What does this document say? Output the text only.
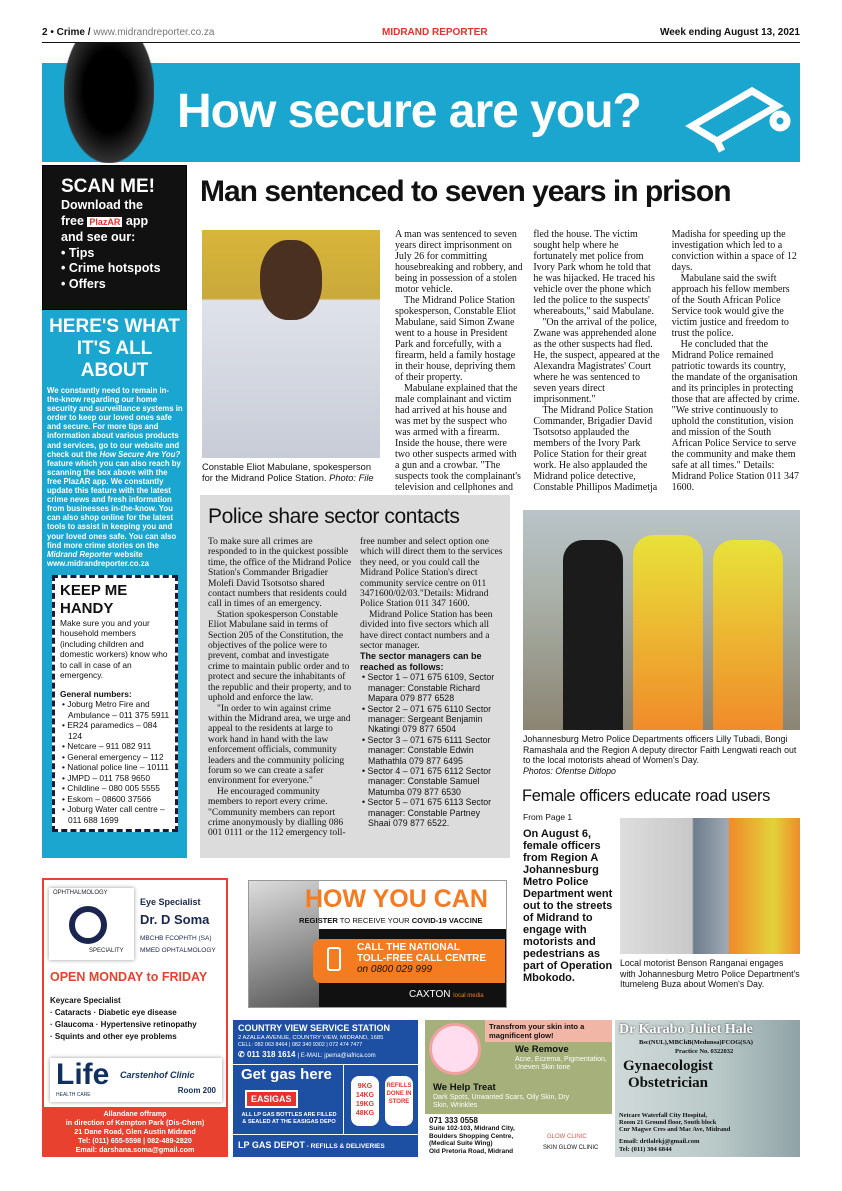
2 • Crime / www.midrandreporter.co.za	MIDRAND REPORTER	Week ending August 13, 2021
How secure are you?
SCAN ME!
Download the
free PlazAR app
and see our:
• Tips
• Crime hotspots
• Offers
HERE'S WHAT
IT'S ALL ABOUT
We constantly need to remain in-the-know regarding our home security and surveillance systems in order to keep our loved ones safe and secure. For more tips and information about various products and services, go to our website and check out the How Secure Are You? feature which you can also reach by scanning the box above with the free PlazAR app. We constantly update this feature with the latest crime news and fresh information from businesses in-the-know. You can also shop online for the latest tools to assist in keeping you and your loved ones safe. You can also find more crime stories on the Midrand Reporter website www.midrandreporter.co.za
KEEP ME HANDY
Make sure you and your household members (including children and domestic workers) know who to call in case of an emergency.
General numbers:
• Joburg Metro Fire and Ambulance – 011 375 5911
• ER24 paramedics – 084 124
• Netcare – 911 082 911
• General emergency – 112
• National police line – 10111
• JMPD – 011 758 9650
• Childline – 080 005 5555
• Eskom – 08600 37566
• Joburg Water call centre – 011 688 1699
Man sentenced to seven years in prison
Constable Eliot Mabulane, spokesperson for the Midrand Police Station. Photo: File

A man was sentenced to seven years direct imprisonment on July 26 for committing housebreaking and robbery, and being in possession of a stolen motor vehicle.

The Midrand Police Station spokesperson, Constable Eliot Mabulane, said Simon Zwane went to a house in President Park and forcefully, with a firearm, held a family hostage in their house, depriving them of their property.

Mabulane explained that the male complainant and victim had arrived at his house and was met by the suspect who was armed with a firearm. Inside the house, there were two other suspects armed with a gun and a crowbar. "The suspects took the complainant's television and cellphones and fled the house. The victim sought help where he fortunately met police from Ivory Park whom he told that he was hijacked. He traced his vehicle over the phone which led the police to the suspects' whereabouts," said Mabulane.

"On the arrival of the police, Zwane was apprehended alone as the other suspects had fled. He, the suspect, appeared at the Alexandra Magistrates' Court where he was sentenced to seven years direct imprisonment."

The Midrand Police Station Commander, Brigadier David Tsotsotso applauded the members of the Ivory Park Police Station for their great work. He also applauded the Midrand police detective, Constable Phillipos Madimetja Madisha for speeding up the investigation which led to a conviction within a space of 12 days.

Mabulane said the swift approach his fellow members of the South African Police Service took would give the victim justice and freedom to trust the police.

He concluded that the Midrand Police remained patriotic towards its country, the mandate of the organisation and its principles in protecting those that are affected by crime. "We strive continuously to uphold the constitution, vision and mission of the South African Police Service to serve the community and make them safe at all times." Details: Midrand Police Station 011 347 1600.

Police share sector contacts

To make sure all crimes are responded to in the quickest possible time, the office of the Midrand Police Station's Commander Brigadier Molefi David Tsotsotso shared contact numbers that residents could call in times of an emergency.

Station spokesperson Constable Eliot Mabulane said in terms of Section 205 of the Constitution, the objectives of the police were to prevent, combat and investigate crime to maintain public order and to protect and secure the inhabitants of the republic and their property, and to uphold and enforce the law.

"In order to win against crime within the Midrand area, we urge and appeal to the residents at large to work hand in hand with the law enforcement officials, community leaders and the community policing forum so we can create a safer environment for everyone."

He encouraged community members to report every crime. "Community members can report crime anonymously by dialling 086 001 0111 or the 112 emergency toll-free number and select option one which will direct them to the services they need, or you could call the Midrand Police Station's direct community service centre on 011 3471600/02/03."Details: Midrand Police Station 011 347 1600.

Midrand Police Station has been divided into five sectors which all have direct contact numbers and a sector manager.

The sector managers can be reached as follows:

• Sector 1 – 071 675 6109, Sector manager: Constable Richard Mapara 079 877 6528
• Sector 2 – 071 675 6110 Sector manager: Sergeant Benjamin Nkatingi 079 877 6504
• Sector 3 – 071 675 6111 Sector manager: Constable Edwin Mathathla 079 877 6495
• Sector 4 – 071 675 6112 Sector manager: Constable Samuel Matumba 079 877 6530
• Sector 5 – 071 675 6113 Sector manager: Constable Partney Shaai 079 877 6522.
Johannesburg Metro Police Departments officers Lilly Tubadi, Bongi Ramashala and the Region A deputy director Faith Lengwati reach out to the local motorists ahead of Women's Day.
Photos: Ofentse Ditlopo
Female officers educate road users
From Page 1
On August 6, female officers from Region A Johannesburg Metro Police Department went out to the streets of Midrand to engage with motorists and pedestrians as part of Operation Mbokodo.
Local motorist Benson Ranganai engages with Johannesburg Metro Police Department's Itumeleng Buza about Women's Day.
OPHTHALMOLOGY
SPECIALITY
Eye Specialist
Dr. D Soma
MBCHB FCOPHTH (SA)
MMED OPHTALMOLOGY
OPEN MONDAY to FRIDAY
Keycare Specialist
· Cataracts · Diabetic eye disease
· Glaucoma · Hypertensive retinopathy
· Squints and other eye problems
Life
HEALTH CARE
Carstenhof Clinic
Room 200
Allandane offramp
in direction of Kempton Park (Dis-Chem)
21 Dane Road, Glen Austin Midrand
Tel: (011) 655-5598 | 082-489-2820
Email: darshana.soma@gmail.com
HOW YOU CAN
REGISTER TO RECEIVE YOUR COVID-19 VACCINE
CALL THE NATIONAL
TOLL-FREE CALL CENTRE
on 0800 029 999
CAXTON local media
COUNTRY VIEW SERVICE STATION
2 AZALEA AVENUE, COUNTRY VIEW, MIDRAND, 1685
CELL: 082 063 8464 | 082 340 9302 | 072 474 7477
✆ 011 318 1614 | E-MAIL: jpema@iafrica.com
Get gas here
EASIGAS
ALL LP GAS BOTTLES ARE FILLED & SEALED AT THE EASIGAS DEPO
9KG
14KG
19KG
48KG
REFILLS DONE IN STORE
LP GAS DEPOT - REFILLS & DELIVERIES
Transfrom your skin into a magnificent glow!
We Remove
Acne, Eczema, Pigmentation, Uneven Skin tone
We Help Treat
Dark Spots, Unwanted Scars, Oily Skin, Dry Skin, Wrinkles
071 333 0558
Suite 102-103, Midrand City,
Boulders Shopping Centre,
(Medical Suite Wing)
Old Pretoria Road, Midrand
GLOW CLINIC
SKIN GLOW CLINIC
Dr Karabo Juliet Hale
Bsc(NUL),MBChB(Medunsa)FCOG(SA)
Practice No. 0322032
Gynaecologist
Obstetrician
Netcare Waterfall City Hospital,
Room 21 Ground floor, South block
Cnr Magwe Cres and Mac Ave, Midrand
Email: drtlalekj@gmail.com
Tel: (011) 304 6844
